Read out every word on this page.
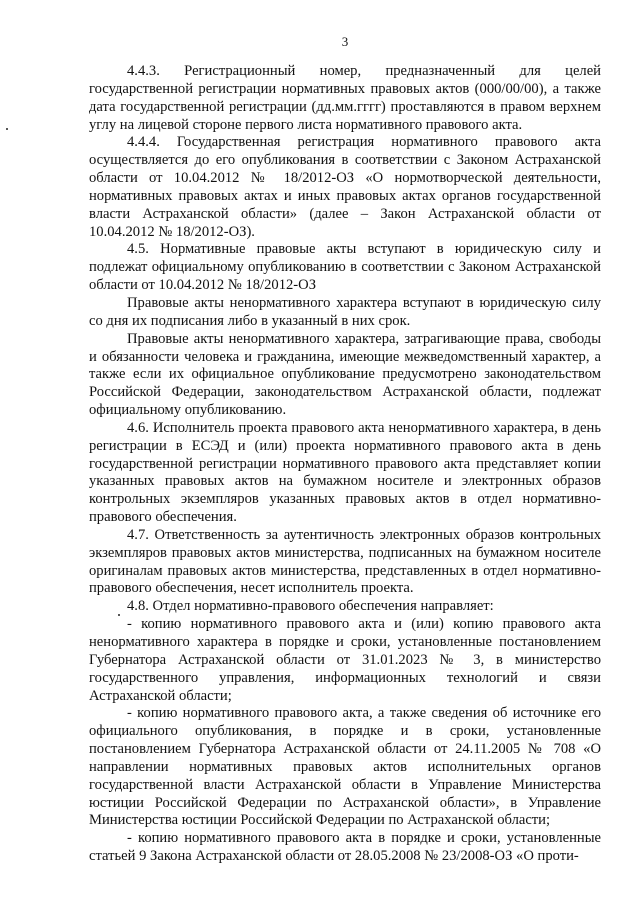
3

4.4.3. Регистрационный номер, предназначенный для целей государственной регистрации нормативных правовых актов (000/00/00), а также дата государственной регистрации (дд.мм.гггг) проставляются в правом верхнем углу на лицевой стороне первого листа нормативного правового акта.

4.4.4. Государственная регистрация нормативного правового акта осуществляется до его опубликования в соответствии с Законом Астраханской области от 10.04.2012 № 18/2012-ОЗ «О нормотворческой деятельности, нормативных правовых актах и иных правовых актах органов государственной власти Астраханской области» (далее – Закон Астраханской области от 10.04.2012 № 18/2012-ОЗ).

4.5. Нормативные правовые акты вступают в юридическую силу и подлежат официальному опубликованию в соответствии с Законом Астраханской области от 10.04.2012 № 18/2012-ОЗ

Правовые акты ненормативного характера вступают в юридическую силу со дня их подписания либо в указанный в них срок.

Правовые акты ненормативного характера, затрагивающие права, свободы и обязанности человека и гражданина, имеющие межведомственный характер, а также если их официальное опубликование предусмотрено законодательством Российской Федерации, законодательством Астраханской области, подлежат официальному опубликованию.

4.6. Исполнитель проекта правового акта ненормативного характера, в день регистрации в ЕСЭД и (или) проекта нормативного правового акта в день государственной регистрации нормативного правового акта представляет копии указанных правовых актов на бумажном носителе и электронных образов контрольных экземпляров указанных правовых актов в отдел нормативно-правового обеспечения.

4.7. Ответственность за аутентичность электронных образов контрольных экземпляров правовых актов министерства, подписанных на бумажном носителе оригиналам правовых актов министерства, представленных в отдел нормативно-правового обеспечения, несет исполнитель проекта.

4.8. Отдел нормативно-правового обеспечения направляет:

- копию нормативного правового акта и (или) копию правового акта ненормативного характера в порядке и сроки, установленные постановлением Губернатора Астраханской области от 31.01.2023 № 3, в министерство государственного управления, информационных технологий и связи Астраханской области;

- копию нормативного правового акта, а также сведения об источнике его официального опубликования, в порядке и в сроки, установленные постановлением Губернатора Астраханской области от 24.11.2005 № 708 «О направлении нормативных правовых актов исполнительных органов государственной власти Астраханской области в Управление Министерства юстиции Российской Федерации по Астраханской области», в Управление Министерства юстиции Российской Федерации по Астраханской области;

- копию нормативного правового акта в порядке и сроки, установленные статьей 9 Закона Астраханской области от 28.05.2008 № 23/2008-ОЗ «О проти-
